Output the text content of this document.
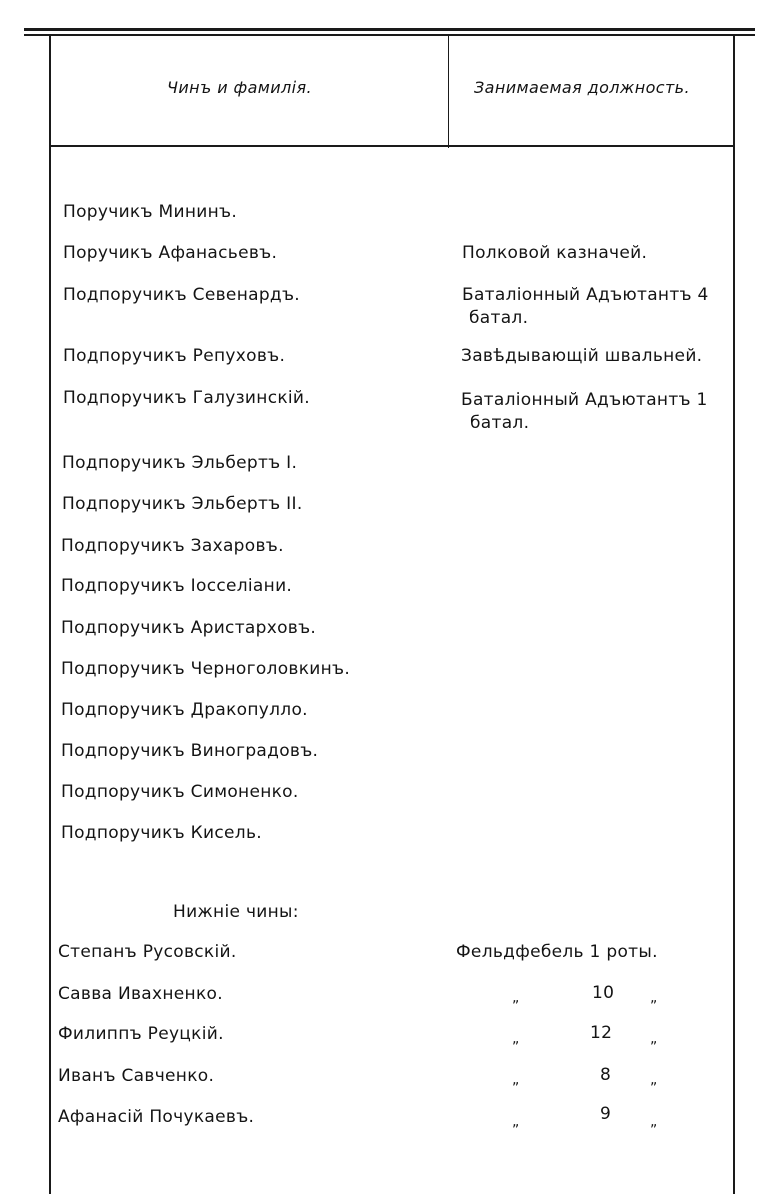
Чинъ и фамилія.	Занимаемая должность.
Поручикъ Мининъ.
Поручикъ Афанасьевъ.	Полковой казначей.
Подпоручикъ Севенардъ.	Баталіонный Адъютантъ 4
батал.
Подпоручикъ Репуховъ.	Завѣдывающій швальней.
Подпоручикъ Галузинскій.	Баталіонный Адъютантъ 1
батал.
Подпоручикъ Эльбертъ I.
Подпоручикъ Эльбертъ II.
Подпоручикъ Захаровъ.
Подпоручикъ Іосселіани.
Подпоручикъ Аристарховъ.
Подпоручикъ Черноголовкинъ.
Подпоручикъ Дракопулло.
Подпоручикъ Виноградовъ.
Подпоручикъ Симоненко.
Подпоручикъ Кисель.
Нижніе чины:
Степанъ Русовскій.	Фельдфебель 1 роты.
Савва Ивахненко.	„	10	„
Филиппъ Реуцкій.	„	12	„
Иванъ Савченко.	„	8	„
Афанасій Почукаевъ.	„	9	„
